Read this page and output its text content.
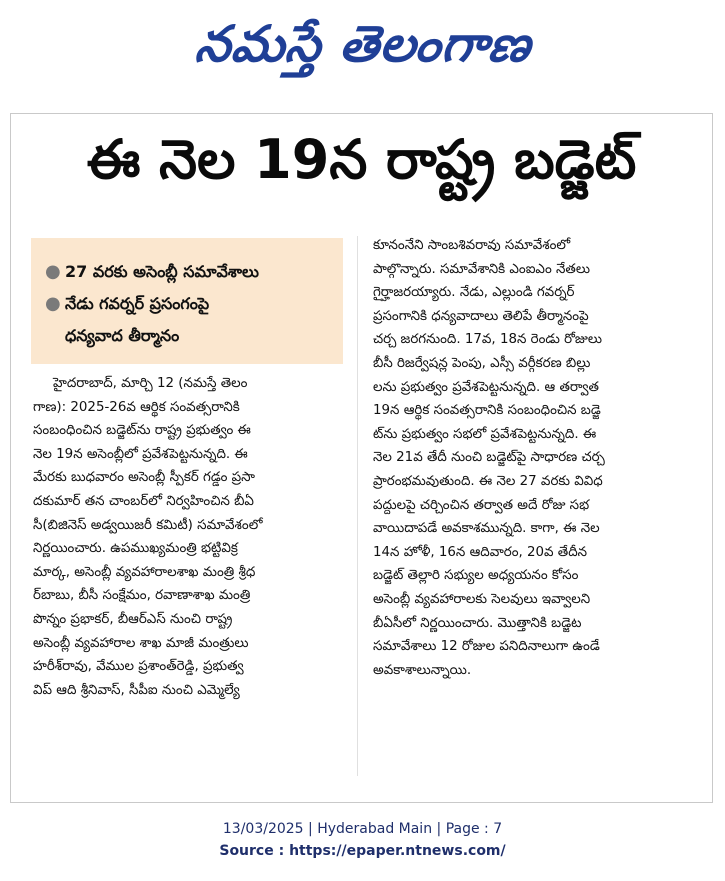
నమస్తే తెలంగాణ
ఈ నెల 19న రాష్ట్ర బడ్జెట్
● 27 వరకు అసెంబ్లీ సమావేశాలు
● నేడు గవర్నర్ ప్రసంగంపై
ధన్యవాద తీర్మానం
హైదరాబాద్, మార్చి 12 (నమస్తే తెలం
గాణ): 2025-26వ ఆర్థిక సంవత్సరానికి
సంబంధించిన బడ్జెట్‌ను రాష్ట్ర ప్రభుత్వం ఈ
నెల 19న అసెంబ్లీలో ప్రవేశపెట్టనున్నది. ఈ
మేరకు బుధవారం అసెంబ్లీ స్పీకర్ గడ్డం ప్రసా
దకుమార్ తన చాంబర్‌లో నిర్వహించిన బీఏ
సీ(బిజినెస్ అడ్వయిజరీ కమిటీ) సమావేశంలో
నిర్ణయించారు. ఉపముఖ్యమంత్రి భట్టివిక్ర
మార్క, అసెంబ్లీ వ్యవహారాలశాఖ మంత్రి శ్రీధ
ర్‌బాబు, బీసీ సంక్షేమం, రవాణాశాఖ మంత్రి
పొన్నం ప్రభాకర్, బీఆర్‌ఎస్ నుంచి రాష్ట్ర
అసెంబ్లీ వ్యవహారాల శాఖ మాజీ మంత్రులు
హరీశ్‌రావు, వేముల ప్రశాంత్‌రెడ్డి, ప్రభుత్వ
విప్ ఆది శ్రీనివాస్, సీపీఐ నుంచి ఎమ్మెల్యే
కూనంనేని సాంబశివరావు సమావేశంలో
పాల్గొన్నారు. సమావేశానికి ఎంఐఎం నేతలు
గైర్హాజరయ్యారు. నేడు, ఎల్లుండి గవర్నర్
ప్రసంగానికి ధన్యవాదాలు తెలిపే తీర్మానంపై
చర్చ జరగనుంది. 17వ, 18న రెండు రోజులు
బీసీ రిజర్వేషన్ల పెంపు, ఎస్సీ వర్గీకరణ బిల్లు
లను ప్రభుత్వం ప్రవేశపెట్టనున్నది. ఆ తర్వాత
19న ఆర్థిక సంవత్సరానికి సంబంధించిన బడ్జె
ట్‌ను ప్రభుత్వం సభలో ప్రవేశపెట్టనున్నది. ఈ
నెల 21వ తేదీ నుంచి బడ్జెట్‌పై సాధారణ చర్చ
ప్రారంభమవుతుంది. ఈ నెల 27 వరకు వివిధ
పద్దులపై చర్చించిన తర్వాత అదే రోజు సభ
వాయిదాపడే అవకాశమున్నది. కాగా, ఈ నెల
14న హోళీ, 16న ఆదివారం, 20వ తేదీన
బడ్జెట్ తెల్లారి సభ్యుల అధ్యయనం కోసం
అసెంబ్లీ వ్యవహారాలకు సెలవులు ఇవ్వాలని
బీఏసీలో నిర్ణయించారు. మొత్తానికి బడ్జెట
సమావేశాలు 12 రోజుల పనిదినాలుగా ఉండే
అవకాశాలున్నాయి.
13/03/2025 | Hyderabad Main | Page : 7
Source : https://epaper.ntnews.com/
